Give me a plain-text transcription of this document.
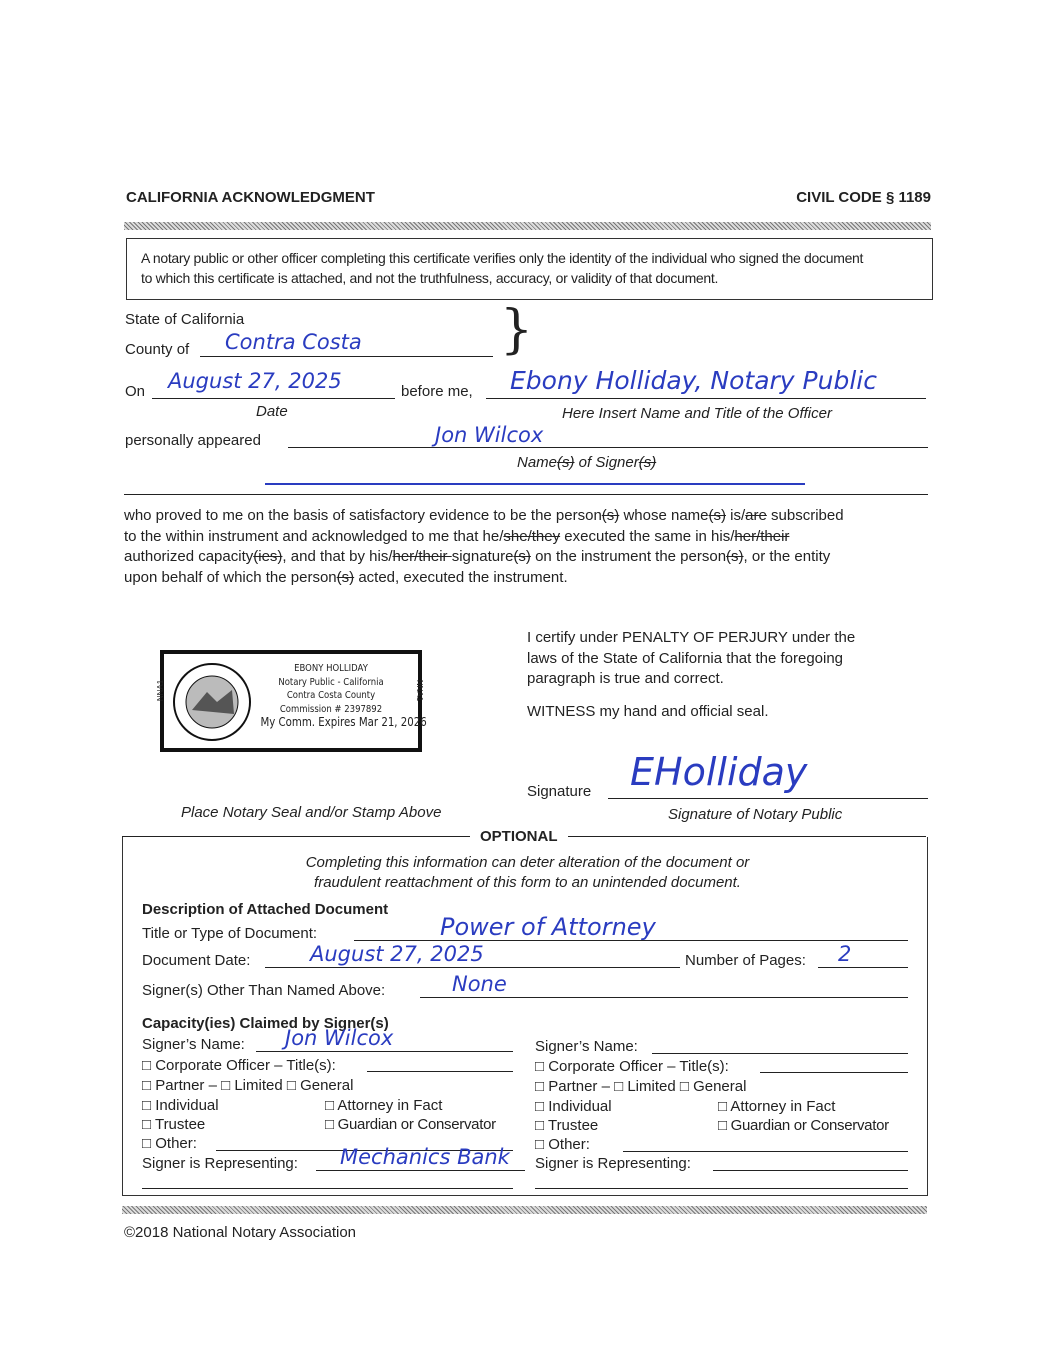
CALIFORNIA ACKNOWLEDGMENT	CIVIL CODE § 1189
A notary public or other officer completing this certificate verifies only the identity of the individual who signed the document
to which this certificate is attached, and not the truthfulness, accuracy, or validity of that document.
State of California
County of Contra Costa	}
On August 27, 2025
Date
before me, Ebony Holliday, Notary Public
Here Insert Name and Title of the Officer
personally appeared	Jon Wilcox
Name(s) of Signer(s)
who proved to me on the basis of satisfactory evidence to be the person(s) whose name(s) is/are subscribed
to the within instrument and acknowledged to me that he/she/they executed the same in his/her/their
authorized capacity(ies), and that by his/her/their signature(s) on the instrument the person(s), or the entity
upon behalf of which the person(s) acted, executed the instrument.
I certify under PENALTY OF PERJURY under the
laws of the State of California that the foregoing
paragraph is true and correct.
WITNESS my hand and official seal.
NNA1	NNA1
EBONY HOLLIDAY
Notary Public - California
Contra Costa County
Commission # 2397892
My Comm. Expires Mar 21, 2026
Place Notary Seal and/or Stamp Above
Signature EHolliday
Signature of Notary Public
OPTIONAL
Completing this information can deter alteration of the document or
fraudulent reattachment of this form to an unintended document.
Description of Attached Document
Title or Type of Document:	Power of Attorney
Document Date:	August 27, 2025	Number of Pages: 2
Signer(s) Other Than Named Above:	None
Capacity(ies) Claimed by Signer(s)
Signer’s Name: Jon Wilcox
□ Corporate Officer – Title(s):
□ Partner – □ Limited □ General
□ Individual	□ Attorney in Fact
□ Trustee	□ Guardian or Conservator
□ Other:
Signer is Representing: Mechanics Bank
Signer’s Name:
□ Corporate Officer – Title(s):
□ Partner – □ Limited □ General
□ Individual	□ Attorney in Fact
□ Trustee	□ Guardian or Conservator
□ Other:
Signer is Representing:
©2018 National Notary Association
